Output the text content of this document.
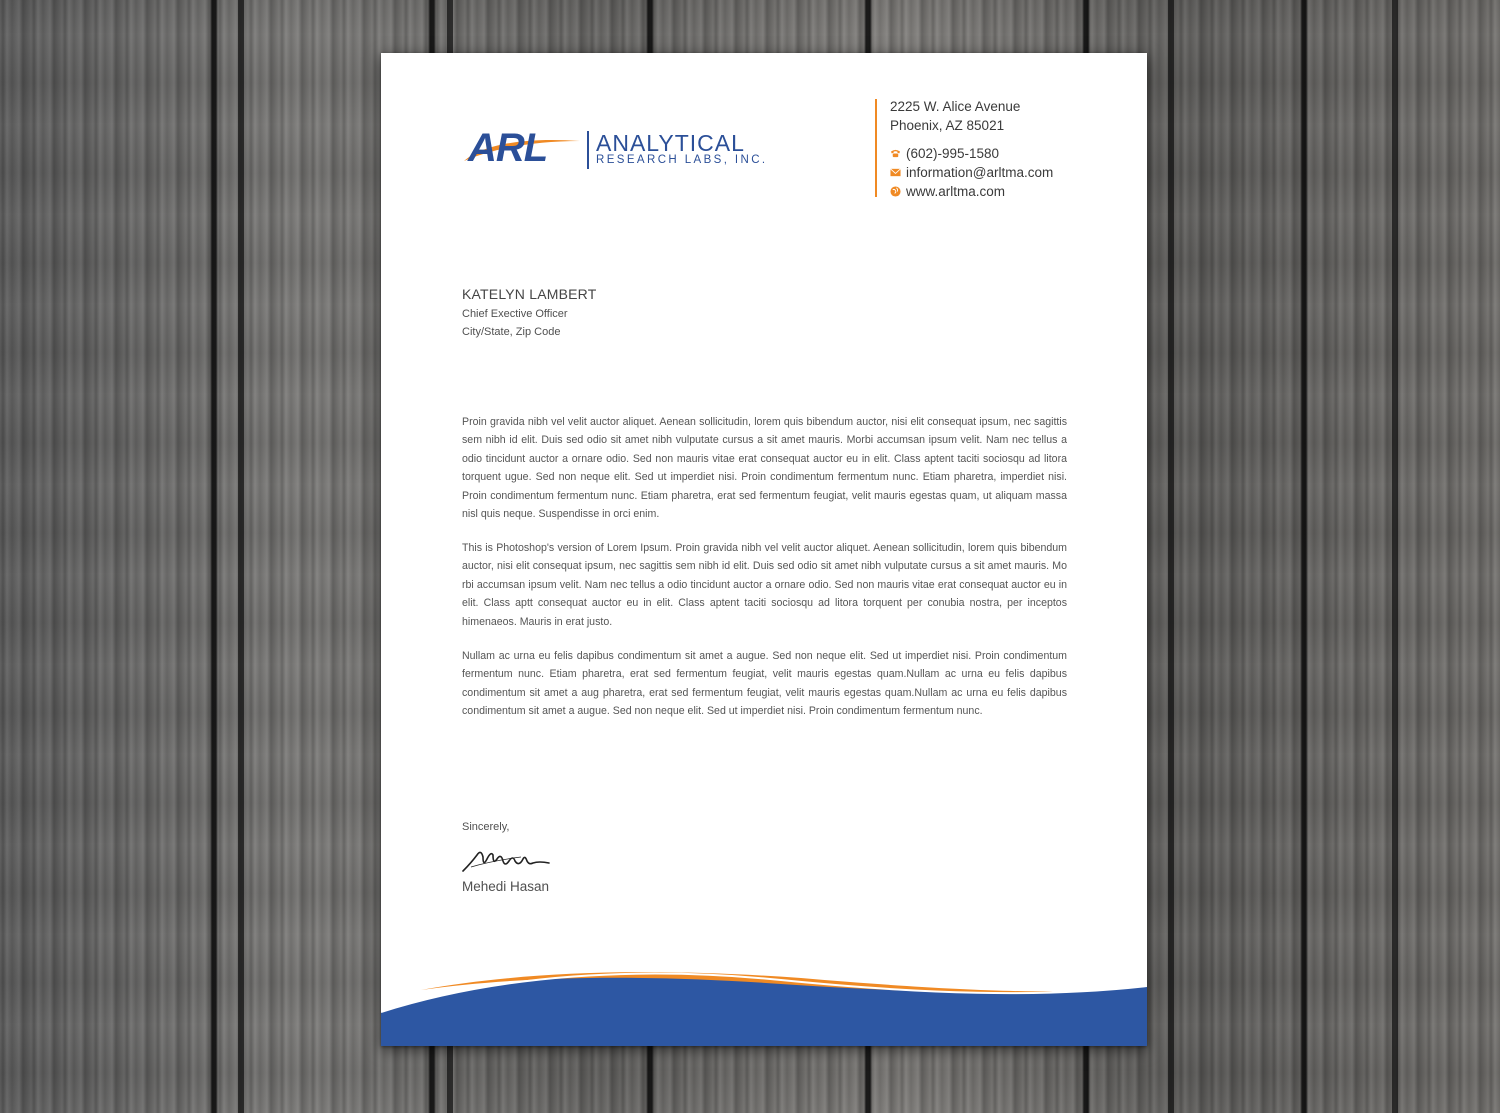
ARL ANALYTICAL
RESEARCH LABS, INC.
2225 W. Alice Avenue
Phoenix, AZ 85021
(602)-995-1580
information@arltma.com
www.arltma.com
KATELYN LAMBERT
Chief Exective Officer
City/State, Zip Code
Proin gravida nibh vel velit auctor aliquet. Aenean sollicitudin, lorem quis bibendum auctor, nisi elit consequat ipsum, nec sagittis sem nibh id elit. Duis sed odio sit amet nibh vulputate cursus a sit amet mauris. Morbi accumsan ipsum velit. Nam nec tellus a odio tincidunt auctor a ornare odio. Sed non mauris vitae erat consequat auctor eu in elit. Class aptent taciti sociosqu ad litora torquent ugue. Sed non neque elit. Sed ut imperdiet nisi. Proin condimentum fermentum nunc. Etiam pharetra, imperdiet nisi. Proin condimentum fermentum nunc. Etiam pharetra, erat sed fermentum feugiat, velit mauris egestas quam, ut aliquam massa nisl quis neque. Suspendisse in orci enim.
This is Photoshop's version of Lorem Ipsum. Proin gravida nibh vel velit auctor aliquet. Aenean sollicitudin, lorem quis bibendum auctor, nisi elit consequat ipsum, nec sagittis sem nibh id elit. Duis sed odio sit amet nibh vulputate cursus a sit amet mauris. Mo rbi accumsan ipsum velit. Nam nec tellus a odio tincidunt auctor a ornare odio. Sed non mauris vitae erat consequat auctor eu in elit. Class aptt consequat auctor eu in elit. Class aptent taciti sociosqu ad litora torquent per conubia nostra, per inceptos himenaeos. Mauris in erat justo.
Nullam ac urna eu felis dapibus condimentum sit amet a augue. Sed non neque elit. Sed ut imperdiet nisi. Proin condimentum fermentum nunc. Etiam pharetra, erat sed fermentum feugiat, velit mauris egestas quam.Nullam ac urna eu felis dapibus condimentum sit amet a aug pharetra, erat sed fermentum feugiat, velit mauris egestas quam.Nullam ac urna eu felis dapibus condimentum sit amet a augue. Sed non neque elit. Sed ut imperdiet nisi. Proin condimentum fermentum nunc.
Sincerely,
Mehedi Hasan
